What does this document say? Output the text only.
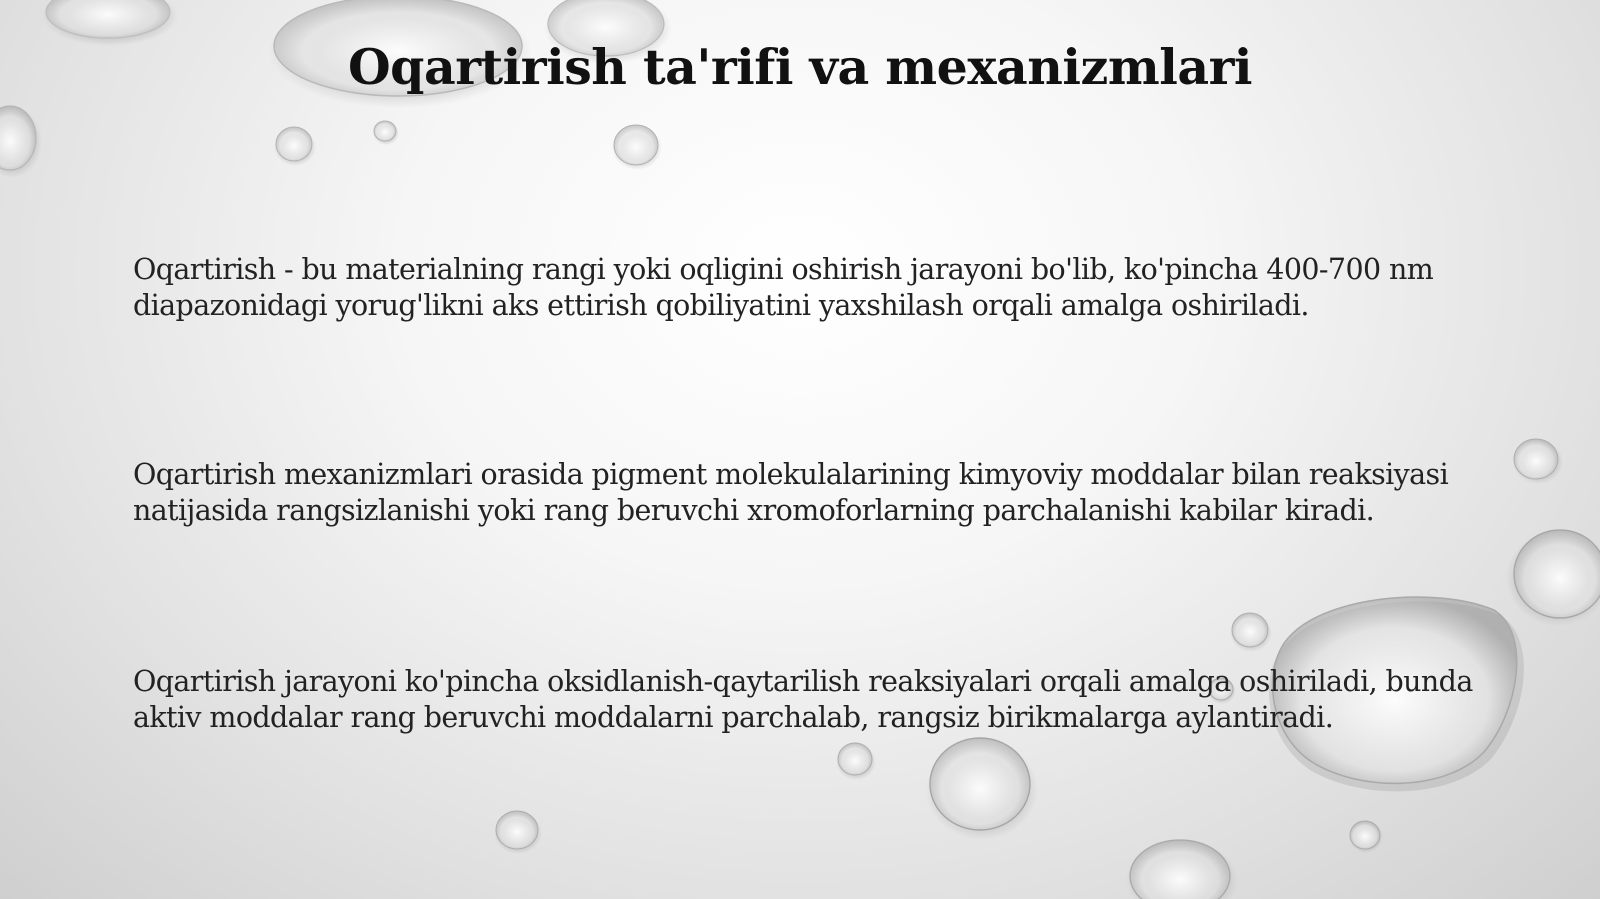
Oqartirish ta'rifi va mexanizmlari

Oqartirish - bu materialning rangi yoki oqligini oshirish jarayoni bo'lib, ko'pincha 400-700 nm diapazonidagi yorug'likni aks ettirish qobiliyatini yaxshilash orqali amalga oshiriladi.

Oqartirish mexanizmlari orasida pigment molekulalarining kimyoviy moddalar bilan reaksiyasi natijasida rangsizlanishi yoki rang beruvchi xromoforlarning parchalanishi kabilar kiradi.

Oqartirish jarayoni ko'pincha oksidlanish-qaytarilish reaksiyalari orqali amalga oshiriladi, bunda aktiv moddalar rang beruvchi moddalarni parchalab, rangsiz birikmalarga aylantiradi.
